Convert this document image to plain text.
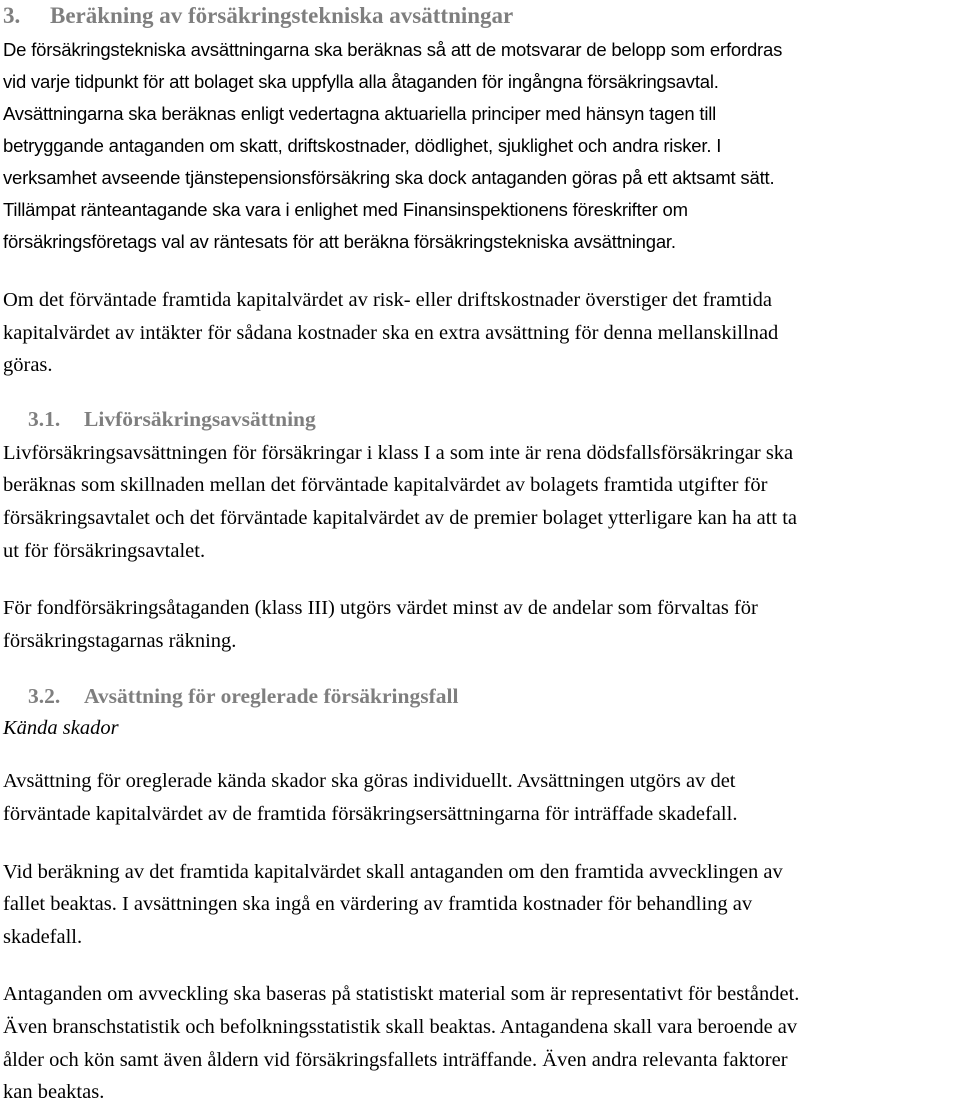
3. Beräkning av försäkringstekniska avsättningar
De försäkringstekniska avsättningarna ska beräknas så att de motsvarar de belopp som erfordras
vid varje tidpunkt för att bolaget ska uppfylla alla åtaganden för ingångna försäkringsavtal.
Avsättningarna ska beräknas enligt vedertagna aktuariella principer med hänsyn tagen till
betryggande antaganden om skatt, driftskostnader, dödlighet, sjuklighet och andra risker. I
verksamhet avseende tjänstepensionsförsäkring ska dock antaganden göras på ett aktsamt sätt.
Tillämpat ränteantagande ska vara i enlighet med Finansinspektionens föreskrifter om
försäkringsföretags val av räntesats för att beräkna försäkringstekniska avsättningar.
Om det förväntade framtida kapitalvärdet av risk- eller driftskostnader överstiger det framtida
kapitalvärdet av intäkter för sådana kostnader ska en extra avsättning för denna mellanskillnad
göras.
3.1. Livförsäkringsavsättning
Livförsäkringsavsättningen för försäkringar i klass I a som inte är rena dödsfallsförsäkringar ska
beräknas som skillnaden mellan det förväntade kapitalvärdet av bolagets framtida utgifter för
försäkringsavtalet och det förväntade kapitalvärdet av de premier bolaget ytterligare kan ha att ta
ut för försäkringsavtalet.
För fondförsäkringsåtaganden (klass III) utgörs värdet minst av de andelar som förvaltas för
försäkringstagarnas räkning.
3.2. Avsättning för oreglerade försäkringsfall
Kända skador
Avsättning för oreglerade kända skador ska göras individuellt. Avsättningen utgörs av det
förväntade kapitalvärdet av de framtida försäkringsersättningarna för inträffade skadefall.
Vid beräkning av det framtida kapitalvärdet skall antaganden om den framtida avvecklingen av
fallet beaktas. I avsättningen ska ingå en värdering av framtida kostnader för behandling av
skadefall.
Antaganden om avveckling ska baseras på statistiskt material som är representativt för beståndet.
Även branschstatistik och befolkningsstatistik skall beaktas. Antagandena skall vara beroende av
ålder och kön samt även åldern vid försäkringsfallets inträffande. Även andra relevanta faktorer
kan beaktas.
